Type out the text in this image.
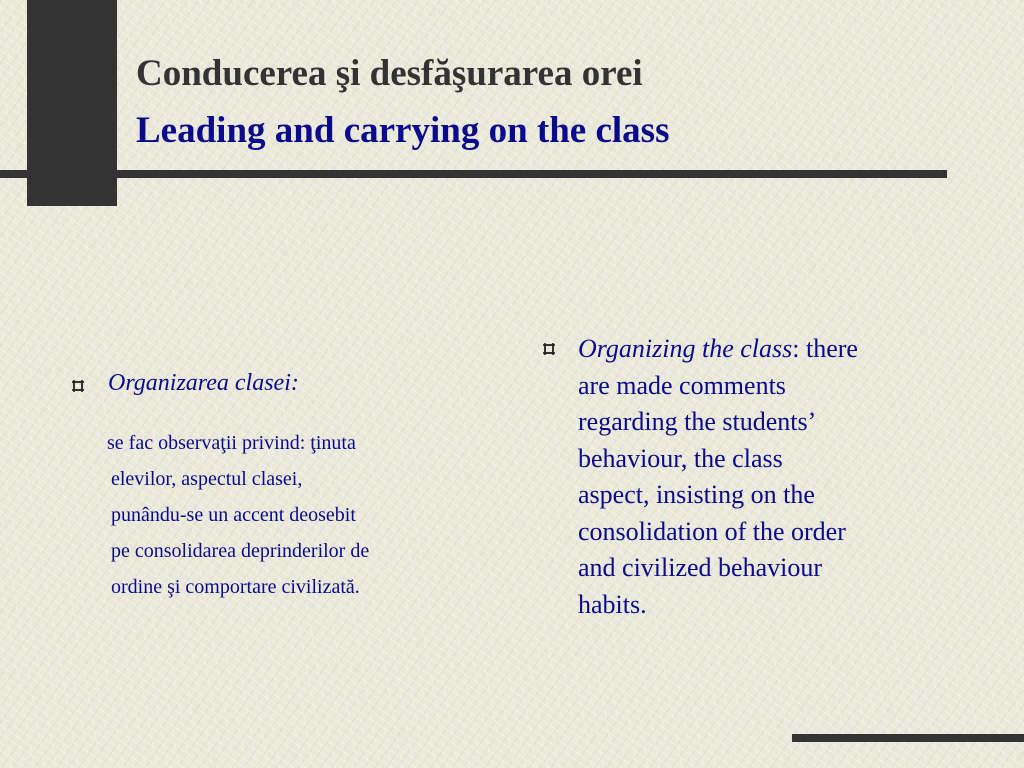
Conducerea şi desfăşurarea orei
Leading and carrying on the class
Organizarea clasei:
se fac observaţii privind: ţinuta
elevilor, aspectul clasei,
punându-se un accent deosebit
pe consolidarea deprinderilor de
ordine şi comportare civilizată.
Organizing the class: there
are made comments
regarding the students’
behaviour, the class
aspect, insisting on the
consolidation of the order
and civilized behaviour
habits.
